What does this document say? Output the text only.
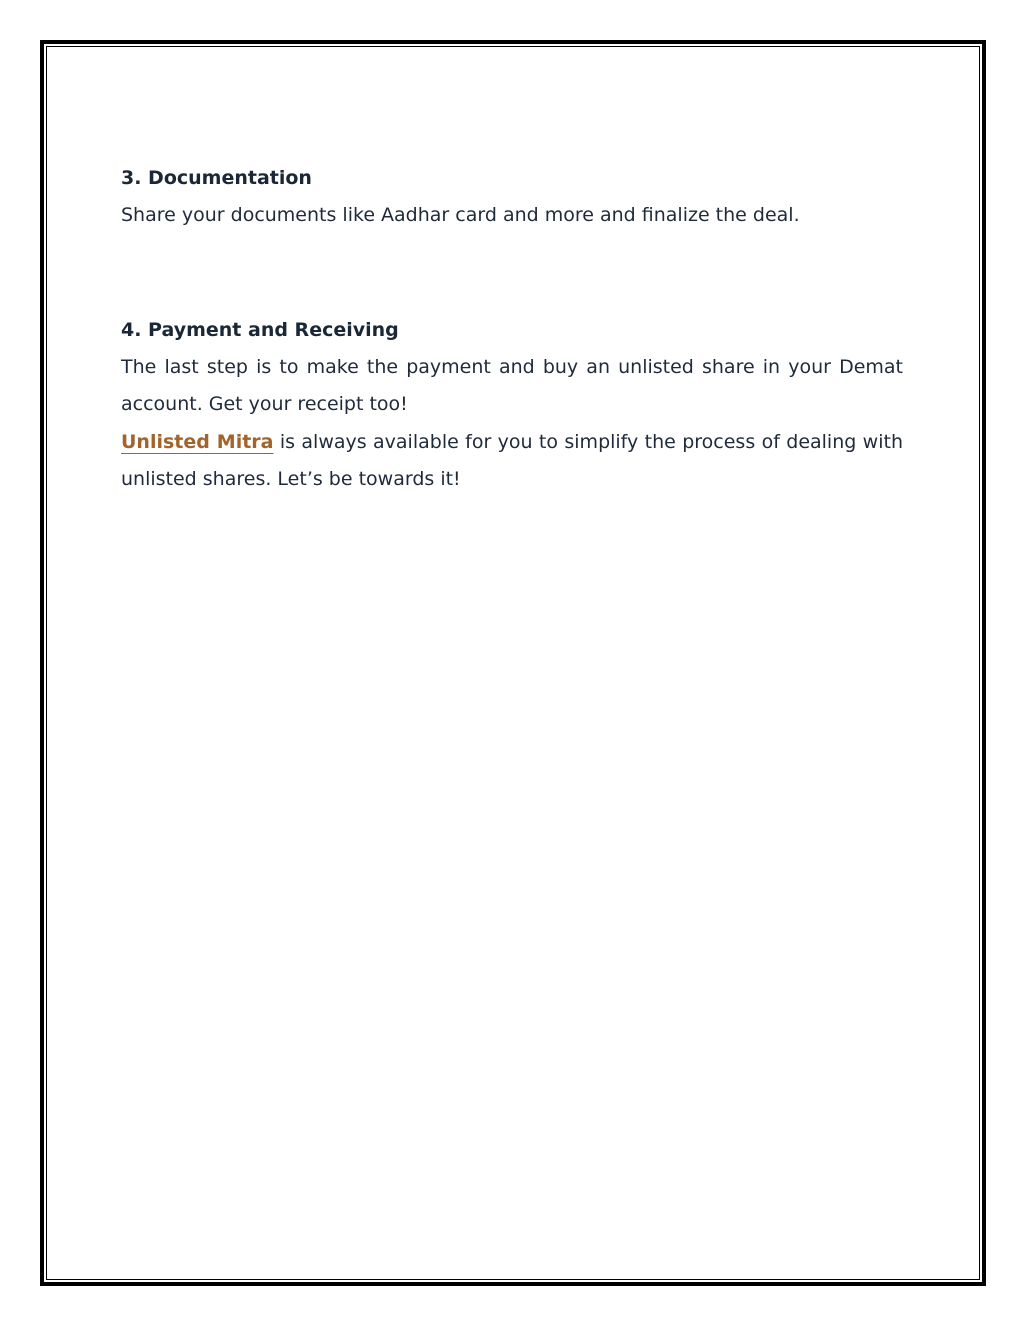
3. Documentation

Share your documents like Aadhar card and more and finalize the deal.

4. Payment and Receiving

The last step is to make the payment and buy an unlisted share in your Demat account. Get your receipt too!

Unlisted Mitra is always available for you to simplify the process of dealing with unlisted shares. Let’s be towards it!
